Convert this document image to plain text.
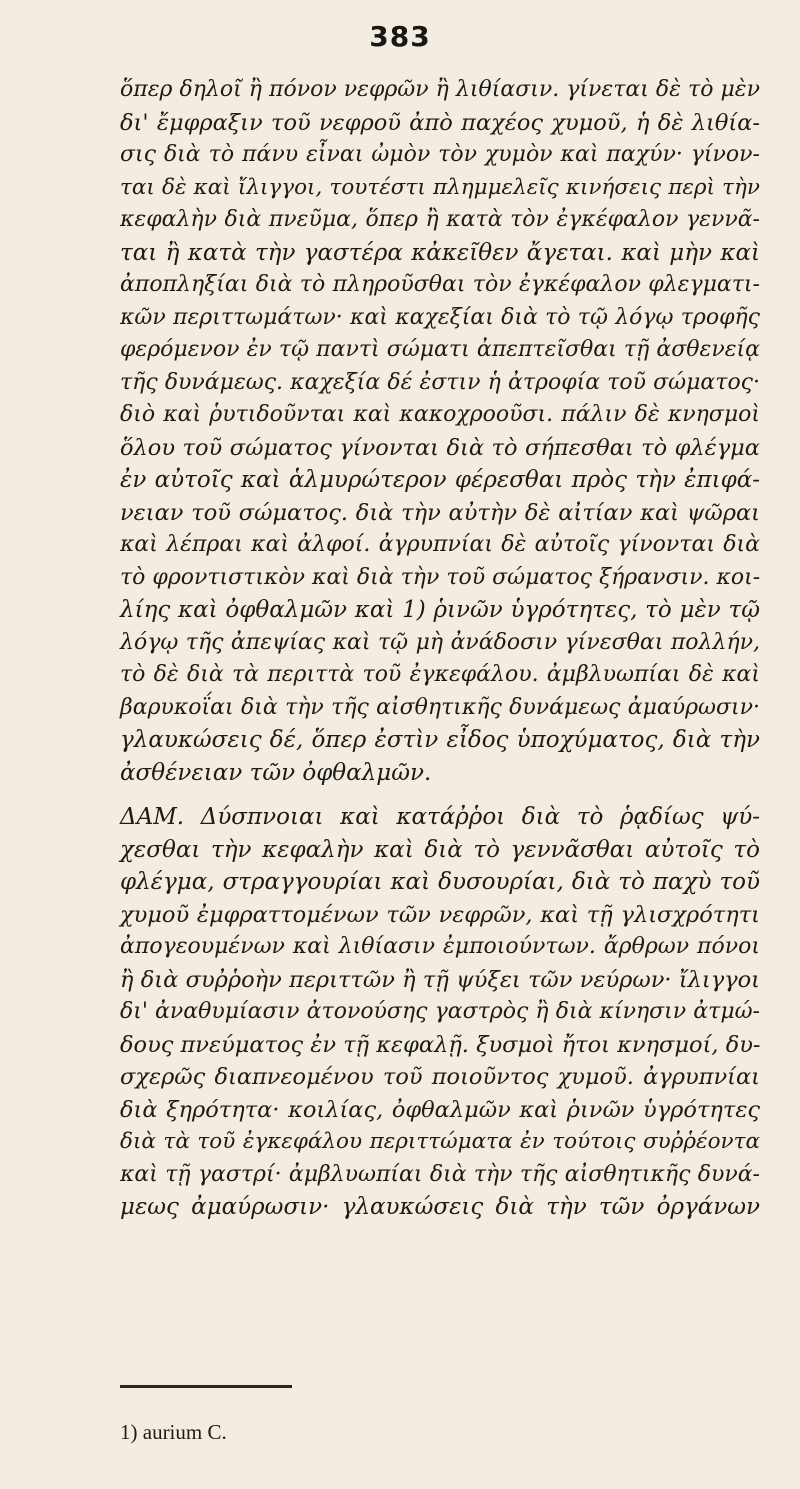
383
ὅπερ δηλοῖ ἢ πόνον νεφρῶν ἢ λιθίασιν. γίνεται δὲ τὸ μὲν
δι' ἔμφραξιν τοῦ νεφροῦ ἀπὸ παχέος χυμοῦ, ἡ δὲ λιθία-
σις διὰ τὸ πάνυ εἶναι ὠμὸν τὸν χυμὸν καὶ παχύν· γίνον-
ται δὲ καὶ ἴλιγγοι, τουτέστι πλημμελεῖς κινήσεις περὶ τὴν
κεφαλὴν διὰ πνεῦμα, ὅπερ ἢ κατὰ τὸν ἐγκέφαλον γεννᾶ-
ται ἢ κατὰ τὴν γαστέρα κἀκεῖθεν ἄγεται. καὶ μὴν καὶ
ἀποπληξίαι διὰ τὸ πληροῦσθαι τὸν ἐγκέφαλον φλεγματι-
κῶν περιττωμάτων· καὶ καχεξίαι διὰ τὸ τῷ λόγῳ τροφῆς
φερόμενον ἐν τῷ παντὶ σώματι ἀπεπτεῖσθαι τῇ ἀσθενείᾳ
τῆς δυνάμεως. καχεξία δέ ἐστιν ἡ ἀτροφία τοῦ σώματος·
διὸ καὶ ῥυτιδοῦνται καὶ κακοχροοῦσι. πάλιν δὲ κνησμοὶ
ὅλου τοῦ σώματος γίνονται διὰ τὸ σήπεσθαι τὸ φλέγμα
ἐν αὐτοῖς καὶ ἁλμυρώτερον φέρεσθαι πρὸς τὴν ἐπιφά-
νειαν τοῦ σώματος. διὰ τὴν αὐτὴν δὲ αἰτίαν καὶ ψῶραι
καὶ λέπραι καὶ ἀλφοί. ἀγρυπνίαι δὲ αὐτοῖς γίνονται διὰ
τὸ φροντιστικὸν καὶ διὰ τὴν τοῦ σώματος ξήρανσιν. κοι-
λίης καὶ ὀφθαλμῶν καὶ 1) ῥινῶν ὑγρότητες, τὸ μὲν τῷ
λόγῳ τῆς ἀπεψίας καὶ τῷ μὴ ἀνάδοσιν γίνεσθαι πολλήν,
τὸ δὲ διὰ τὰ περιττὰ τοῦ ἐγκεφάλου. ἀμβλυωπίαι δὲ καὶ
βαρυκοΐαι διὰ τὴν τῆς αἰσθητικῆς δυνάμεως ἀμαύρωσιν·
γλαυκώσεις δέ, ὅπερ ἐστὶν εἶδος ὑποχύματος, διὰ τὴν
ἀσθένειαν τῶν ὀφθαλμῶν.
ΔΑΜ. Δύσπνοιαι καὶ κατάῤῥοι διὰ τὸ ῥᾳδίως ψύ-
χεσθαι τὴν κεφαλὴν καὶ διὰ τὸ γεννᾶσθαι αὐτοῖς τὸ
φλέγμα, στραγγουρίαι καὶ δυσουρίαι, διὰ τὸ παχὺ τοῦ
χυμοῦ ἐμφραττομένων τῶν νεφρῶν, καὶ τῇ γλισχρότητι
ἀπογεουμένων καὶ λιθίασιν ἐμποιούντων. ἄρθρων πόνοι
ἢ διὰ συῤῥοὴν περιττῶν ἢ τῇ ψύξει τῶν νεύρων· ἴλιγγοι
δι' ἀναθυμίασιν ἀτονούσης γαστρὸς ἢ διὰ κίνησιν ἀτμώ-
δους πνεύματος ἐν τῇ κεφαλῇ. ξυσμοὶ ἤτοι κνησμοί, δυ-
σχερῶς διαπνεομένου τοῦ ποιοῦντος χυμοῦ. ἀγρυπνίαι
διὰ ξηρότητα· κοιλίας, ὀφθαλμῶν καὶ ῥινῶν ὑγρότητες
διὰ τὰ τοῦ ἐγκεφάλου περιττώματα ἐν τούτοις συῤῥέοντα
καὶ τῇ γαστρί· ἀμβλυωπίαι διὰ τὴν τῆς αἰσθητικῆς δυνά-
μεως ἀμαύρωσιν· γλαυκώσεις διὰ τὴν τῶν ὀργάνων
1) aurium C.
